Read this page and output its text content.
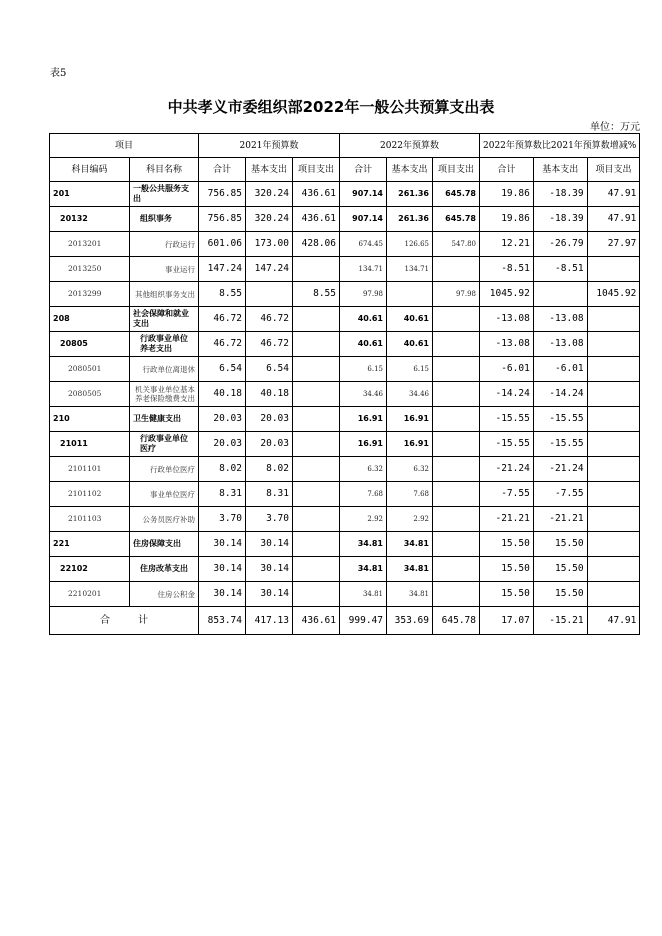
表5
中共孝义市委组织部2022年一般公共预算支出表
单位：万元
项目		2021年预算数			2022年预算数			2022年预算数比2021年预算数增减%		
科目编码	科目名称	合计	基本支出	项目支出	合计	基本支出	项目支出	合计	基本支出	项目支出
201	一般公共服务支出	756.85	320.24	436.61	907.14	261.36	645.78	19.86	-18.39	47.91
20132	组织事务	756.85	320.24	436.61	907.14	261.36	645.78	19.86	-18.39	47.91
2013201	行政运行	601.06	173.00	428.06	674.45	126.65	547.80	12.21	-26.79	27.97
2013250	事业运行	147.24	147.24		134.71	134.71		-8.51	-8.51	
2013299	其他组织事务支出	8.55		8.55	97.98		97.98	1045.92		1045.92
208	社会保障和就业支出	46.72	46.72		40.61	40.61		-13.08	-13.08	
20805	行政事业单位养老支出	46.72	46.72		40.61	40.61		-13.08	-13.08	
2080501	行政单位离退休	6.54	6.54		6.15	6.15		-6.01	-6.01	
2080505	机关事业单位基本养老保险缴费支出	40.18	40.18		34.46	34.46		-14.24	-14.24	
210	卫生健康支出	20.03	20.03		16.91	16.91		-15.55	-15.55	
21011	行政事业单位医疗	20.03	20.03		16.91	16.91		-15.55	-15.55	
2101101	行政单位医疗	8.02	8.02		6.32	6.32		-21.24	-21.24	
2101102	事业单位医疗	8.31	8.31		7.68	7.68		-7.55	-7.55	
2101103	公务员医疗补助	3.70	3.70		2.92	2.92		-21.21	-21.21	
221	住房保障支出	30.14	30.14		34.81	34.81		15.50	15.50	
22102	住房改革支出	30.14	30.14		34.81	34.81		15.50	15.50	
2210201	住房公积金	30.14	30.14		34.81	34.81		15.50	15.50	
合 计		853.74	417.13	436.61	999.47	353.69	645.78	17.07	-15.21	47.91
